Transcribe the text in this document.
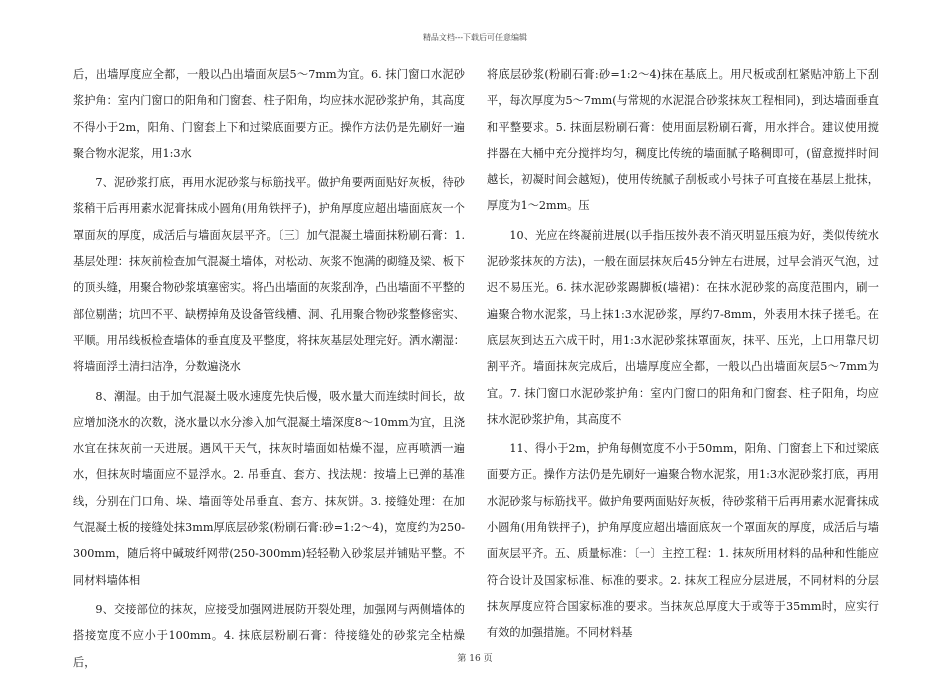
精品文档---下载后可任意编辑

后，出墙厚度应全都，一般以凸出墙面灰层5～7mm为宜。6. 抹门窗口水泥砂浆护角：室内门窗口的阳角和门窗套、柱子阳角，均应抹水泥砂浆护角，其高度不得小于2m，阳角、门窗套上下和过梁底面要方正。操作方法仍是先刷好一遍聚合物水泥浆，用1:3水

7、泥砂浆打底，再用水泥砂浆与标筋找平。做护角要两面贴好灰板，待砂浆稍干后再用素水泥膏抹成小圆角(用角铁抨子)，护角厚度应超出墙面底灰一个罩面灰的厚度，成活后与墙面灰层平齐。〔三〕加气混凝土墙面抹粉刷石膏：1.基层处理：抹灰前检查加气混凝土墙体，对松动、灰浆不饱满的砌缝及梁、板下的顶头缝，用聚合物砂浆填塞密实。将凸出墙面的灰浆刮净，凸出墙面不平整的部位剔凿；坑凹不平、缺楞掉角及设备管线槽、洞、孔用聚合物砂浆整修密实、平顺。用吊线板检查墙体的垂直度及平整度，将抹灰基层处理完好。洒水潮湿：将墙面浮土清扫洁净，分数遍浇水

8、潮湿。由于加气混凝土吸水速度先快后慢，吸水量大而连续时间长，故应增加浇水的次数，浇水量以水分渗入加气混凝土墙深度8～10mm为宜，且浇水宜在抹灰前一天进展。遇风干天气，抹灰时墙面如枯燥不湿，应再喷洒一遍水，但抹灰时墙面应不显浮水。2. 吊垂直、套方、找法规：按墙上已弹的基准线，分别在门口角、垛、墙面等处吊垂直、套方、抹灰饼。3. 接缝处理：在加气混凝土板的接缝处抹3mm厚底层砂浆(粉刷石膏:砂=1:2～4)，宽度约为250-300mm，随后将中碱玻纤网带(250-300mm)轻轻勒入砂浆层并铺贴平整。不同材料墙体相

9、交接部位的抹灰，应接受加强网进展防开裂处理，加强网与两侧墙体的搭接宽度不应小于100mm。4. 抹底层粉刷石膏：待接缝处的砂浆完全枯燥后，

将底层砂浆(粉刷石膏:砂=1:2～4)抹在基底上。用尺板或刮杠紧贴冲筋上下刮平，每次厚度为5～7mm(与常规的水泥混合砂浆抹灰工程相同)，到达墙面垂直和平整要求。5. 抹面层粉刷石膏：使用面层粉刷石膏，用水拌合。建议使用搅拌器在大桶中充分搅拌均匀，稠度比传统的墙面腻子略稠即可，(留意搅拌时间越长，初凝时间会越短)，使用传统腻子刮板或小号抹子可直接在基层上批抹，厚度为1～2mm。压

10、光应在终凝前进展(以手指压按外表不消灭明显压痕为好，类似传统水泥砂浆抹灰的方法)，一般在面层抹灰后45分钟左右进展，过早会消灭气泡，过迟不易压光。6. 抹水泥砂浆踢脚板(墙裙)：在抹水泥砂浆的高度范围内，刷一遍聚合物水泥浆，马上抹1:3水泥砂浆，厚约7-8mm，外表用木抹子搓毛。在底层灰到达五六成干时，用1:3水泥砂浆抹罩面灰，抹平、压光，上口用靠尺切割平齐。墙面抹灰完成后，出墙厚度应全都，一般以凸出墙面灰层5～7mm为宜。7. 抹门窗口水泥砂浆护角：室内门窗口的阳角和门窗套、柱子阳角，均应抹水泥砂浆护角，其高度不

11、得小于2m，护角每侧宽度不小于50mm，阳角、门窗套上下和过梁底面要方正。操作方法仍是先刷好一遍聚合物水泥浆，用1:3水泥砂浆打底，再用水泥砂浆与标筋找平。做护角要两面贴好灰板，待砂浆稍干后再用素水泥膏抹成小圆角(用角铁抨子)，护角厚度应超出墙面底灰一个罩面灰的厚度，成活后与墙面灰层平齐。五、质量标准：〔一〕主控工程：1. 抹灰所用材料的品种和性能应符合设计及国家标准、标准的要求。2. 抹灰工程应分层进展，不同材料的分层抹灰厚度应符合国家标准的要求。当抹灰总厚度大于或等于35mm时，应实行有效的加强措施。不同材料基

第 16 页
